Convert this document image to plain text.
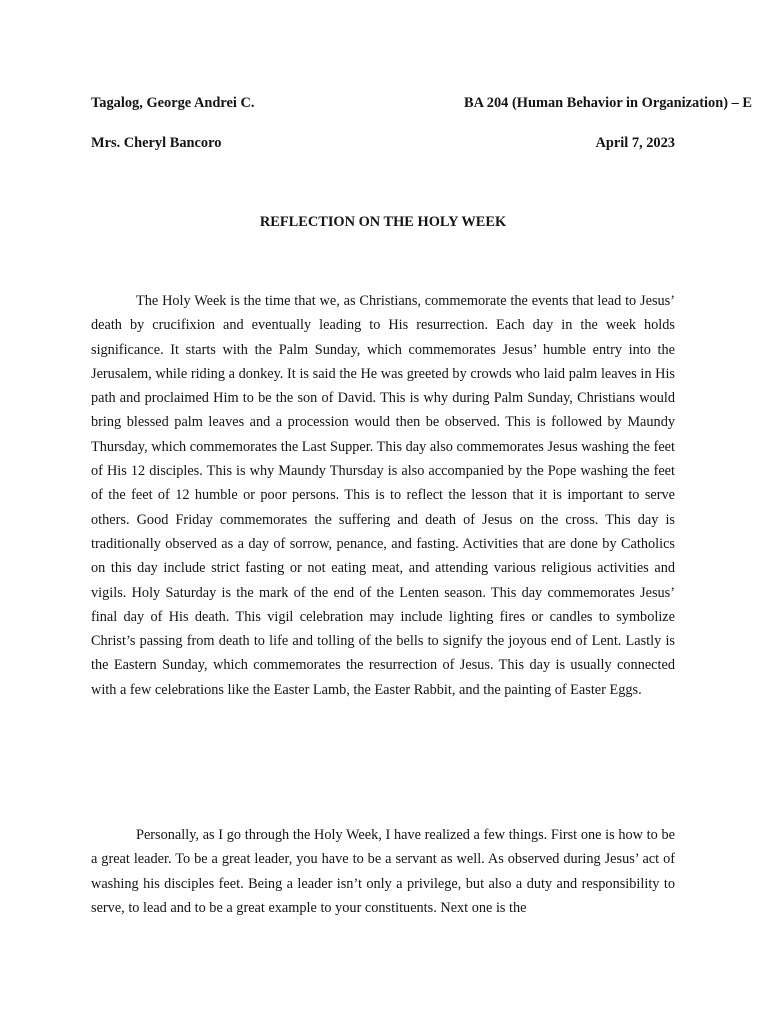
Tagalog, George Andrei C.	BA 204 (Human Behavior in Organization) – E
Mrs. Cheryl Bancoro	April 7, 2023
REFLECTION ON THE HOLY WEEK

The Holy Week is the time that we, as Christians, commemorate the events that lead to Jesus’ death by crucifixion and eventually leading to His resurrection. Each day in the week holds significance. It starts with the Palm Sunday, which commemorates Jesus’ humble entry into the Jerusalem, while riding a donkey. It is said the He was greeted by crowds who laid palm leaves in His path and proclaimed Him to be the son of David. This is why during Palm Sunday, Christians would bring blessed palm leaves and a procession would then be observed. This is followed by Maundy Thursday, which commemorates the Last Supper. This day also commemorates Jesus washing the feet of His 12 disciples. This is why Maundy Thursday is also accompanied by the Pope washing the feet of the feet of 12 humble or poor persons. This is to reflect the lesson that it is important to serve others. Good Friday commemorates the suffering and death of Jesus on the cross. This day is traditionally observed as a day of sorrow, penance, and fasting. Activities that are done by Catholics on this day include strict fasting or not eating meat, and attending various religious activities and vigils. Holy Saturday is the mark of the end of the Lenten season. This day commemorates Jesus’ final day of His death. This vigil celebration may include lighting fires or candles to symbolize Christ’s passing from death to life and tolling of the bells to signify the joyous end of Lent. Lastly is the Eastern Sunday, which commemorates the resurrection of Jesus. This day is usually connected with a few celebrations like the Easter Lamb, the Easter Rabbit, and the painting of Easter Eggs.

Personally, as I go through the Holy Week, I have realized a few things. First one is how to be a great leader. To be a great leader, you have to be a servant as well. As observed during Jesus’ act of washing his disciples feet. Being a leader isn’t only a privilege, but also a duty and responsibility to serve, to lead and to be a great example to your constituents. Next one is the
